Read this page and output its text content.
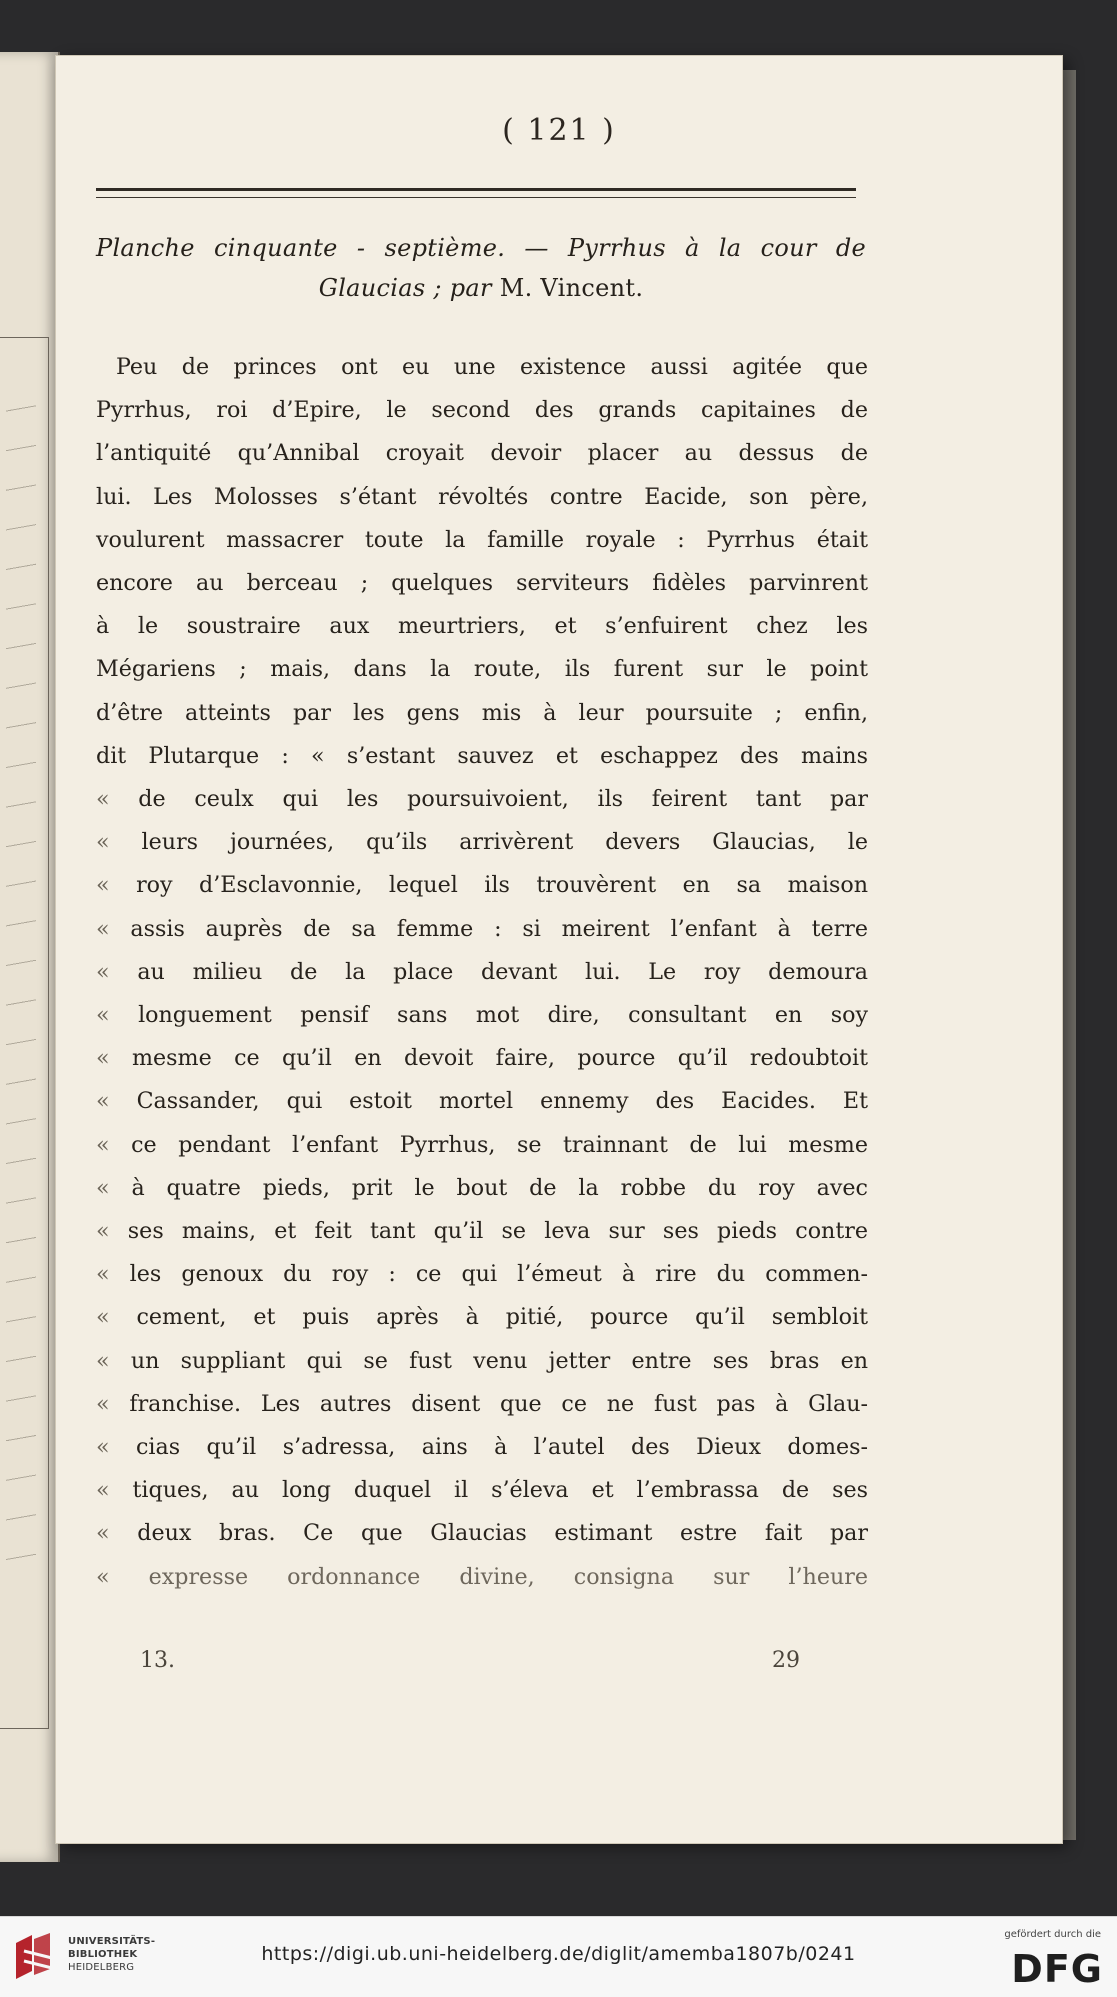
( 121 )
Planche cinquante - septième. — Pyrrhus à la cour de
Glaucias ; par M. Vincent.
Peu de princes ont eu une existence aussi agitée que
Pyrrhus, roi d’Epire, le second des grands capitaines de
l’antiquité qu’Annibal croyait devoir placer au dessus de
lui. Les Molosses s’étant révoltés contre Eacide, son père,
voulurent massacrer toute la famille royale : Pyrrhus était
encore au berceau ; quelques serviteurs fidèles parvinrent
à le soustraire aux meurtriers, et s’enfuirent chez les
Mégariens ; mais, dans la route, ils furent sur le point
d’être atteints par les gens mis à leur poursuite ; enfin,
dit Plutarque : « s’estant sauvez et eschappez des mains
« de ceulx qui les poursuivoient, ils feirent tant par
« leurs journées, qu’ils arrivèrent devers Glaucias, le
« roy d’Esclavonnie, lequel ils trouvèrent en sa maison
« assis auprès de sa femme : si meirent l’enfant à terre
« au milieu de la place devant lui. Le roy demoura
« longuement pensif sans mot dire, consultant en soy
« mesme ce qu’il en devoit faire, pource qu’il redoubtoit
« Cassander, qui estoit mortel ennemy des Eacides. Et
« ce pendant l’enfant Pyrrhus, se trainnant de lui mesme
« à quatre pieds, prit le bout de la robbe du roy avec
« ses mains, et feit tant qu’il se leva sur ses pieds contre
« les genoux du roy : ce qui l’émeut à rire du commen-
« cement, et puis après à pitié, pource qu’il sembloit
« un suppliant qui se fust venu jetter entre ses bras en
« franchise. Les autres disent que ce ne fust pas à Glau-
« cias qu’il s’adressa, ains à l’autel des Dieux domes-
« tiques, au long duquel il s’éleva et l’embrassa de ses
« deux bras. Ce que Glaucias estimant estre fait par
« expresse ordonnance divine, consigna sur l’heure
13.	29
UNIVERSITÄTS-
BIBLIOTHEK
HEIDELBERG
https://digi.ub.uni-heidelberg.de/diglit/amemba1807b/0241
gefördert durch die
DFG
